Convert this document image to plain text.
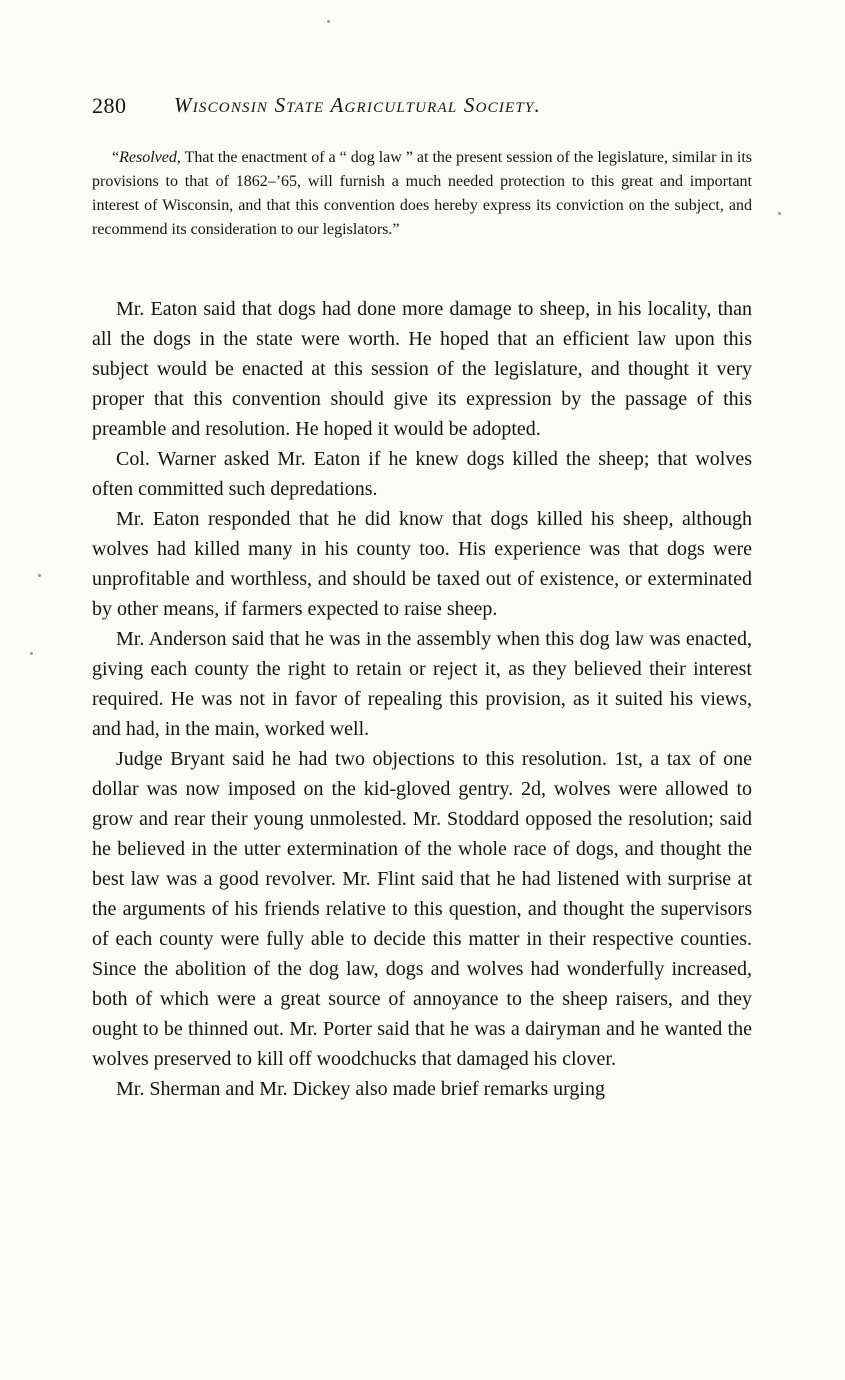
280 Wisconsin State Agricultural Society.

“Resolved, That the enactment of a “ dog law ” at the present session of the legislature, similar in its provisions to that of 1862–’65, will furnish a much needed protection to this great and important interest of Wisconsin, and that this convention does hereby express its conviction on the subject, and recommend its consideration to our legislators.”

Mr. Eaton said that dogs had done more damage to sheep, in his locality, than all the dogs in the state were worth. He hoped that an efficient law upon this subject would be enacted at this session of the legislature, and thought it very proper that this convention should give its expression by the passage of this preamble and resolution. He hoped it would be adopted.

Col. Warner asked Mr. Eaton if he knew dogs killed the sheep; that wolves often committed such depredations.

Mr. Eaton responded that he did know that dogs killed his sheep, although wolves had killed many in his county too. His experience was that dogs were unprofitable and worthless, and should be taxed out of existence, or exterminated by other means, if farmers expected to raise sheep.

Mr. Anderson said that he was in the assembly when this dog law was enacted, giving each county the right to retain or reject it, as they believed their interest required. He was not in favor of repealing this provision, as it suited his views, and had, in the main, worked well.

Judge Bryant said he had two objections to this resolution. 1st, a tax of one dollar was now imposed on the kid-gloved gentry. 2d, wolves were allowed to grow and rear their young unmolested. Mr. Stoddard opposed the resolution; said he believed in the utter extermination of the whole race of dogs, and thought the best law was a good revolver. Mr. Flint said that he had listened with surprise at the arguments of his friends relative to this question, and thought the supervisors of each county were fully able to decide this matter in their respective counties. Since the abolition of the dog law, dogs and wolves had wonderfully increased, both of which were a great source of annoyance to the sheep raisers, and they ought to be thinned out. Mr. Porter said that he was a dairyman and he wanted the wolves preserved to kill off woodchucks that damaged his clover.

Mr. Sherman and Mr. Dickey also made brief remarks urging
